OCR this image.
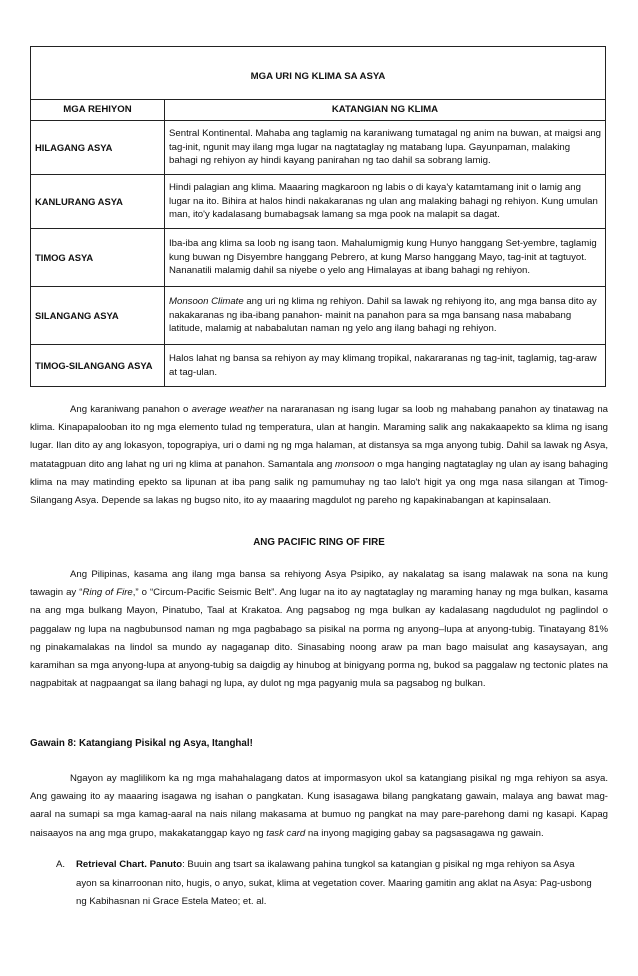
MGA URI NG KLIMA SA ASYA	
MGA REHIYON	KATANGIAN NG KLIMA
HILAGANG ASYA	Sentral Kontinental. Mahaba ang taglamig na karaniwang tumatagal ng anim na buwan, at maigsi ang tag-init, ngunit may ilang mga lugar na nagtataglay ng matabang lupa. Gayunpaman, malaking bahagi ng rehiyon ay hindi kayang panirahan ng tao dahil sa sobrang lamig.
KANLURANG ASYA	Hindi palagian ang klima. Maaaring magkaroon ng labis o di kaya'y katamtamang init o lamig ang lugar na ito. Bihira at halos hindi nakakaranas ng ulan ang malaking bahagi ng rehiyon. Kung umulan man, ito'y kadalasang bumabagsak lamang sa mga pook na malapit sa dagat.
TIMOG ASYA	Iba-iba ang klima sa loob ng isang taon. Mahalumigmig kung Hunyo hanggang Set-yembre, taglamig kung buwan ng Disyembre hanggang Pebrero, at kung Marso hanggang Mayo, tag-init at tagtuyot. Nananatili malamig dahil sa niyebe o yelo ang Himalayas at ibang bahagi ng rehiyon.
SILANGANG ASYA	Monsoon Climate ang uri ng klima ng rehiyon. Dahil sa lawak ng rehiyong ito, ang mga bansa dito ay nakakaranas ng iba-ibang panahon- mainit na panahon para sa mga bansang nasa mababang latitude, malamig at nababalutan naman ng yelo ang ilang bahagi ng rehiyon.
TIMOG-SILANGANG ASYA	Halos lahat ng bansa sa rehiyon ay may klimang tropikal, nakararanas ng tag-init, taglamig, tag-araw at tag-ulan.

Ang karaniwang panahon o average weather na nararanasan ng isang lugar sa loob ng mahabang panahon ay tinatawag na klima. Kinapapalooban ito ng mga elemento tulad ng temperatura, ulan at hangin. Maraming salik ang nakakaapekto sa klima ng isang lugar. Ilan dito ay ang lokasyon, topograpiya, uri o dami ng ng mga halaman, at distansya sa mga anyong tubig. Dahil sa lawak ng Asya, matatagpuan dito ang lahat ng uri ng klima at panahon. Samantala ang monsoon o mga hanging nagtataglay ng ulan ay isang bahaging klima na may matinding epekto sa lipunan at iba pang salik ng pamumuhay ng tao lalo't higit ya ong mga nasa silangan at Timog-Silangang Asya. Depende sa lakas ng bugso nito, ito ay maaaring magdulot ng pareho ng kapakinabangan at kapinsalaan.

ANG PACIFIC RING OF FIRE

Ang Pilipinas, kasama ang ilang mga bansa sa rehiyong Asya Psipiko, ay nakalatag sa isang malawak na sona na kung tawagin ay “Ring of Fire,” o “Circum-Pacific Seismic Belt”. Ang lugar na ito ay nagtataglay ng maraming hanay ng mga bulkan, kasama na ang mga bulkang Mayon, Pinatubo, Taal at Krakatoa. Ang pagsabog ng mga bulkan ay kadalasang nagdudulot ng paglindol o paggalaw ng lupa na nagbubunsod naman ng mga pagbabago sa pisikal na porma ng anyong–lupa at anyong-tubig. Tinatayang 81% ng pinakamalakas na lindol sa mundo ay nagaganap dito. Sinasabing noong araw pa man bago maisulat ang kasaysayan, ang karamihan sa mga anyong-lupa at anyong-tubig sa daigdig ay hinubog at binigyang porma ng, bukod sa paggalaw ng tectonic plates na nagpabitak at nagpaangat sa ilang bahagi ng lupa, ay dulot ng mga pagyanig mula sa pagsabog ng bulkan.

Gawain 8: Katangiang Pisikal ng Asya, Itanghal!

Ngayon ay maglilikom ka ng mga mahahalagang datos at impormasyon ukol sa katangiang pisikal ng mga rehiyon sa asya. Ang gawaing ito ay maaaring isagawa ng isahan o pangkatan. Kung isasagawa bilang pangkatang gawain, malaya ang bawat mag-aaral na sumapi sa mga kamag-aaral na nais nilang makasama at bumuo ng pangkat na may pare-parehong dami ng kasapi. Kapag naisaayos na ang mga grupo, makakatanggap kayo ng task card na inyong magiging gabay sa pagsasagawa ng gawain.

A. Retrieval Chart. Panuto: Buuin ang tsart sa ikalawang pahina tungkol sa katangian g pisikal ng mga rehiyon sa Asya ayon sa kinarroonan nito, hugis, o anyo, sukat, klima at vegetation cover. Maaring gamitin ang aklat na Asya: Pag-usbong ng Kabihasnan ni Grace Estela Mateo; et. al.
